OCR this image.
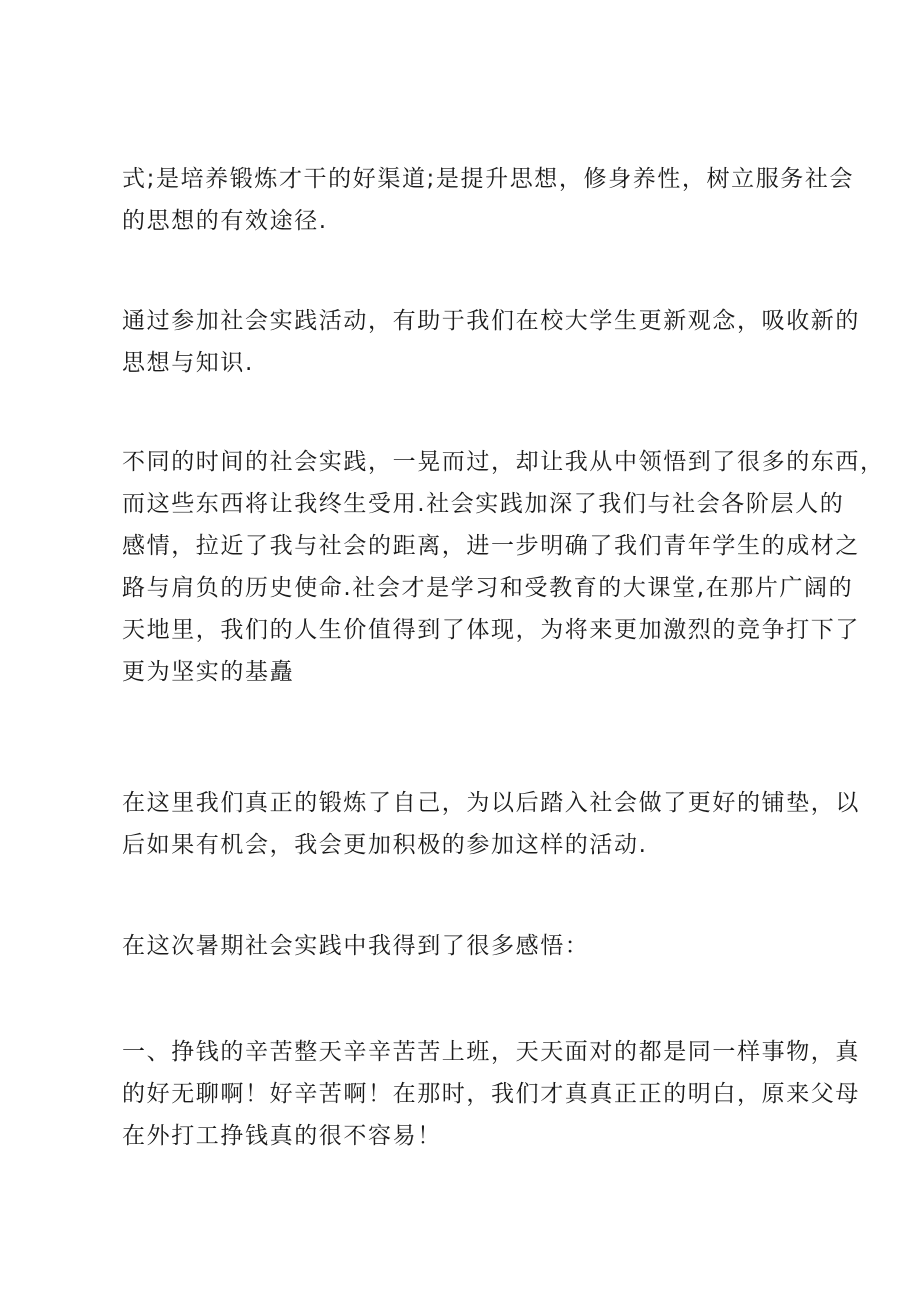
式;是培养锻炼才干的好渠道;是提升思想，修身养性，树立服务社会
的思想的有效途径.
通过参加社会实践活动，有助于我们在校大学生更新观念，吸收新的
思想与知识.
不同的时间的社会实践，一晃而过，却让我从中领悟到了很多的东西，
而这些东西将让我终生受用.社会实践加深了我们与社会各阶层人的
感情，拉近了我与社会的距离，进一步明确了我们青年学生的成材之
路与肩负的历史使命.社会才是学习和受教育的大课堂,在那片广阔的
天地里，我们的人生价值得到了体现，为将来更加激烈的竞争打下了
更为坚实的基矗
在这里我们真正的锻炼了自己，为以后踏入社会做了更好的铺垫，以
后如果有机会，我会更加积极的参加这样的活动.
在这次暑期社会实践中我得到了很多感悟：
一、挣钱的辛苦整天辛辛苦苦上班，天天面对的都是同一样事物，真
的好无聊啊！好辛苦啊！在那时，我们才真真正正的明白，原来父母
在外打工挣钱真的很不容易！
